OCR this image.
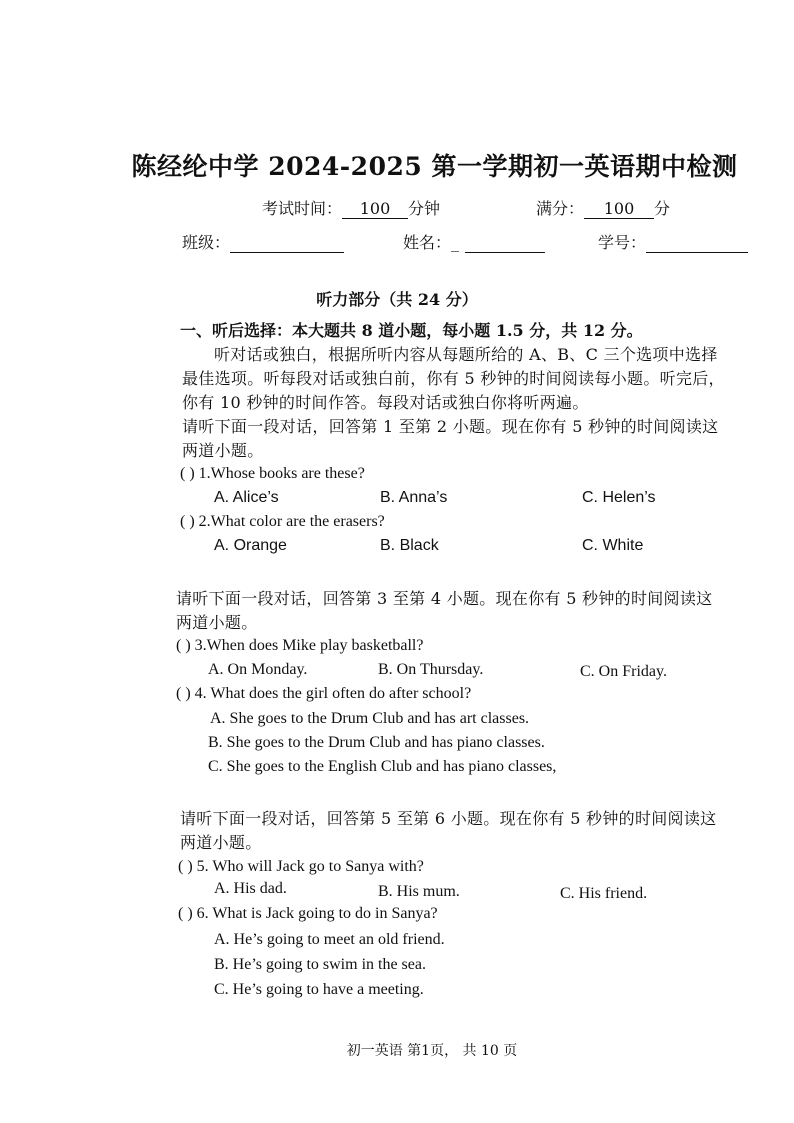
陈经纶中学 2024-2025 第一学期初一英语期中检测
考试时间： 100 分钟	满分： 100 分
班级：	姓名：_	学号：
听力部分（共 24 分）
一、听后选择：本大题共 8 道小题，每小题 1.5 分，共 12 分。
听对话或独白，根据所听内容从每题所给的 A、B、C 三个选项中选择
最佳选项。听每段对话或独白前，你有 5 秒钟的时间阅读每小题。听完后，
你有 10 秒钟的时间作答。每段对话或独白你将听两遍。
请听下面一段对话，回答第 1 至第 2 小题。现在你有 5 秒钟的时间阅读这
两道小题。
( ) 1.Whose books are these?
A. Alice’s	B. Anna’s	C. Helen’s
( ) 2.What color are the erasers?
A. Orange	B. Black	C. White
请听下面一段对话，回答第 3 至第 4 小题。现在你有 5 秒钟的时间阅读这
两道小题。
( ) 3.When does Mike play basketball?
A. On Monday.	B. On Thursday.	C. On Friday.
( ) 4. What does the girl often do after school?
A. She goes to the Drum Club and has art classes.
B. She goes to the Drum Club and has piano classes.
C. She goes to the English Club and has piano classes,
请听下面一段对话，回答第 5 至第 6 小题。现在你有 5 秒钟的时间阅读这
两道小题。
( ) 5. Who will Jack go to Sanya with?
A. His dad.	B. His mum.	C. His friend.
( ) 6. What is Jack going to do in Sanya?
A. He’s going to meet an old friend.
B. He’s going to swim in the sea.
C. He’s going to have a meeting.
初一英语 第1页， 共 10 页
